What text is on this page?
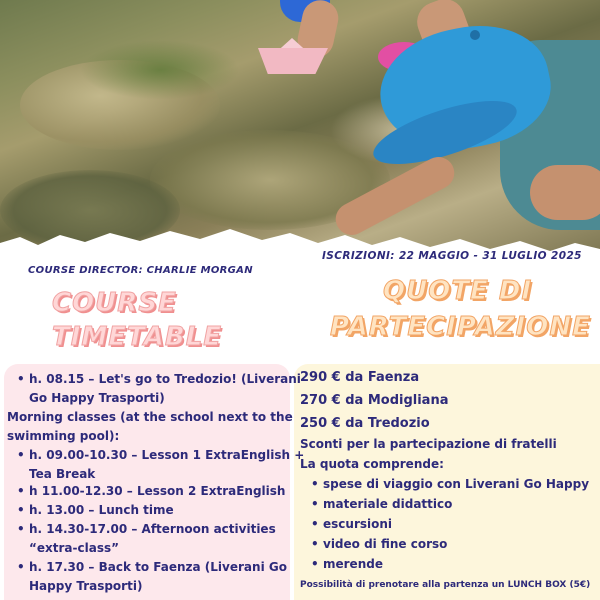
ISCRIZIONI: 22 MAGGIO - 31 LUGLIO 2025
COURSE DIRECTOR: CHARLIE MORGAN
COURSE
TIMETABLE
QUOTE DI
PARTECIPAZIONE
• h. 08.15 – Let's go to Tredozio! (Liverani
Go Happy Trasporti)
Morning classes (at the school next to the
swimming pool):
• h. 09.00-10.30 – Lesson 1 ExtraEnglish +
Tea Break
• h 11.00-12.30 – Lesson 2 ExtraEnglish
• h. 13.00 – Lunch time
• h. 14.30-17.00 – Afternoon activities
“extra-class”
• h. 17.30 – Back to Faenza (Liverani Go
Happy Trasporti)
290 € da Faenza
270 € da Modigliana
250 € da Tredozio
Sconti per la partecipazione di fratelli
La quota comprende:
• spese di viaggio con Liverani Go Happy
• materiale didattico
• escursioni
• video di fine corso
• merende
Possibilità di prenotare alla partenza un LUNCH BOX (5€)
